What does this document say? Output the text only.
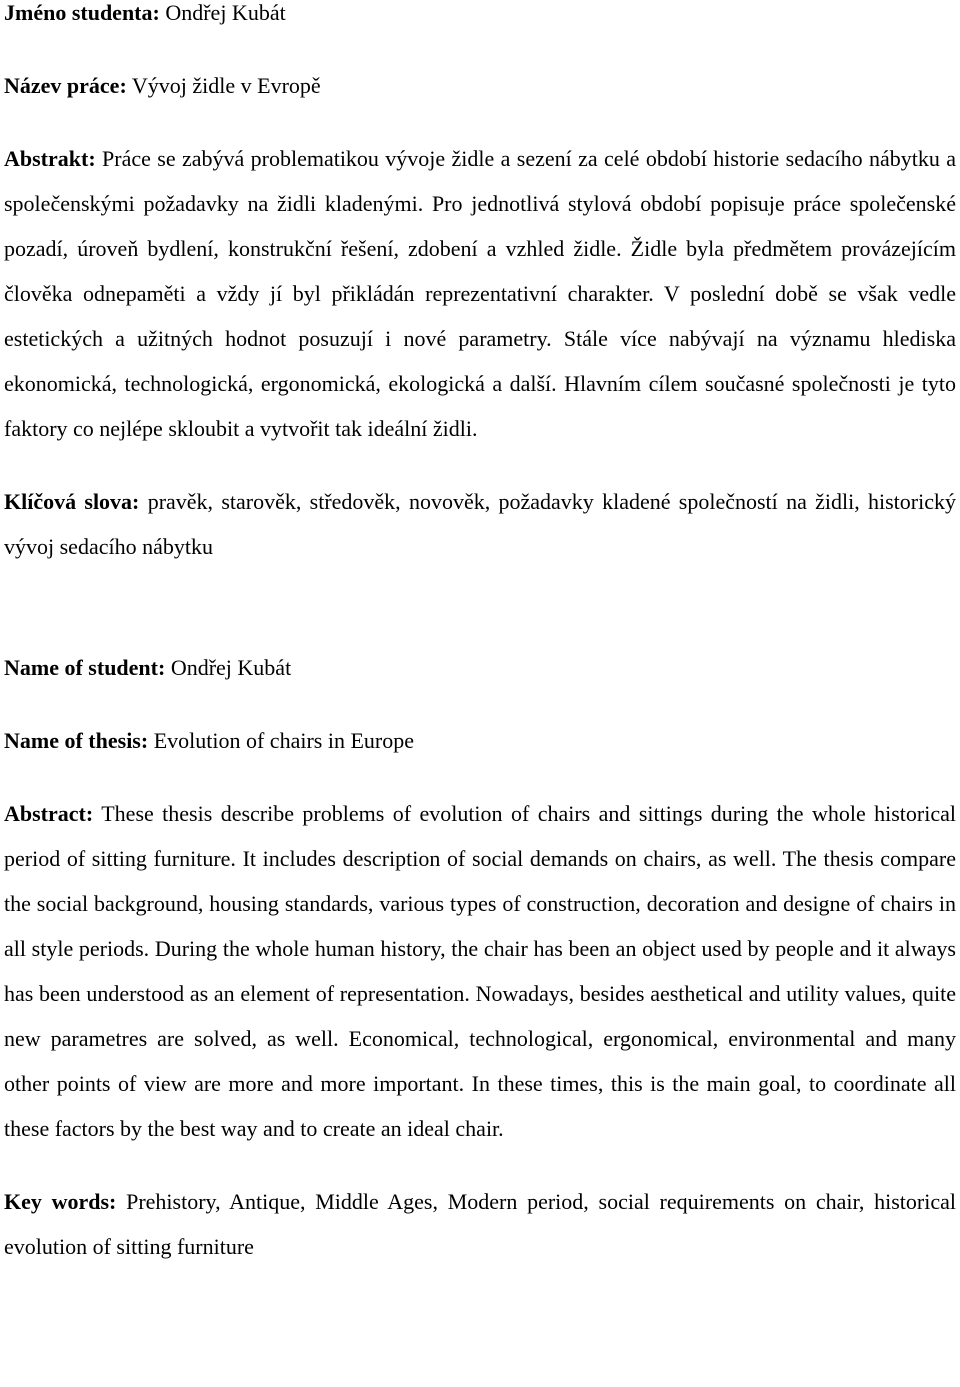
Jméno studenta: Ondřej Kubát

Název práce: Vývoj židle v Evropě

Abstrakt: Práce se zabývá problematikou vývoje židle a sezení za celé období historie sedacího nábytku a společenskými požadavky na židli kladenými. Pro jednotlivá stylová období popisuje práce společenské pozadí, úroveň bydlení, konstrukční řešení, zdobení a vzhled židle. Židle byla předmětem provázejícím člověka odnepaměti a vždy jí byl přikládán reprezentativní charakter. V poslední době se však vedle estetických a užitných hodnot posuzují i nové parametry. Stále více nabývají na významu hlediska ekonomická, technologická, ergonomická, ekologická a další. Hlavním cílem současné společnosti je tyto faktory co nejlépe skloubit a vytvořit tak ideální židli.

Klíčová slova: pravěk, starověk, středověk, novověk, požadavky kladené společností na židli, historický vývoj sedacího nábytku

Name of student: Ondřej Kubát

Name of thesis: Evolution of chairs in Europe

Abstract: These thesis describe problems of evolution of chairs and sittings during the whole historical period of sitting furniture. It includes description of social demands on chairs, as well. The thesis compare the social background, housing standards, various types of construction, decoration and designe of chairs in all style periods. During the whole human history, the chair has been an object used by people and it always has been understood as an element of representation. Nowadays, besides aesthetical and utility values, quite new parametres are solved, as well. Economical, technological, ergonomical, environmental and many other points of view are more and more important. In these times, this is the main goal, to coordinate all these factors by the best way and to create an ideal chair.

Key words: Prehistory, Antique, Middle Ages, Modern period, social requirements on chair, historical evolution of sitting furniture
